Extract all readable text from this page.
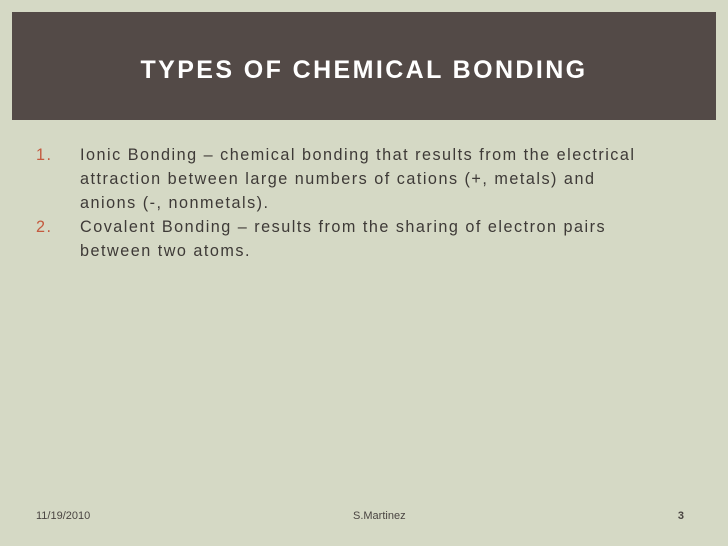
TYPES OF CHEMICAL BONDING
1. Ionic Bonding – chemical bonding that results from the electrical attraction between large numbers of cations (+, metals) and anions (-, nonmetals).
2. Covalent Bonding – results from the sharing of electron pairs between two atoms.
11/19/2010	S.Martinez	3
